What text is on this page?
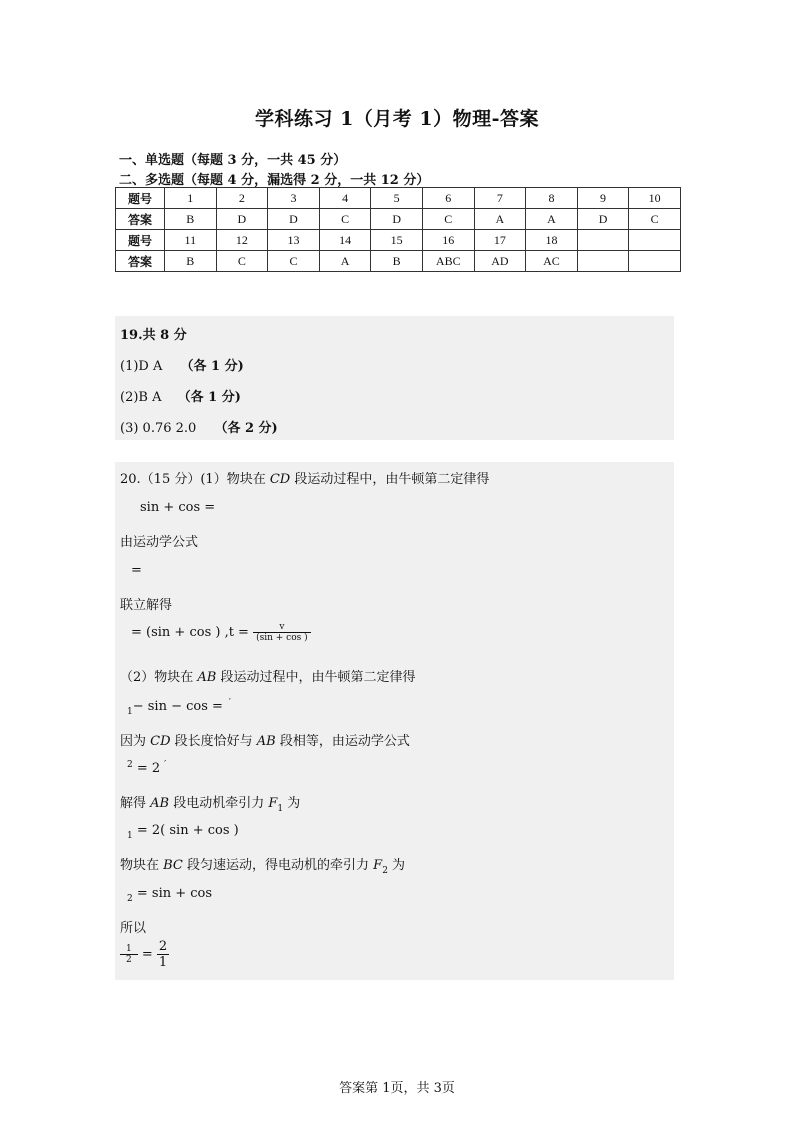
学科练习 1（月考 1）物理-答案
一、单选题（每题 3 分，一共 45 分）
二、多选题（每题 4 分，漏选得 2 分，一共 12 分）
题号	1	2	3	4	5	6	7	8	9	10
答案	B	D	D	C	D	C	A	A	D	C
题号	11	12	13	14	15	16	17	18		
答案	B	C	C	A	B	ABC	AD	AC		
19.共 8 分
(1)D A （各 1 分)
(2)B A （各 1 分)
(3) 0.76 2.0 （各 2 分)
20.（15 分）(1）物块在 CD 段运动过程中，由牛顿第二定律得
sin + cos =
由运动学公式
=
联立解得
= (sin + cos ) $,t = \frac{v}{(\sin + \cos )}$
（2）物块在 AB 段运动过程中，由牛顿第二定律得
$_1$− sin − cos = ′
因为 CD 段长度恰好与 AB 段相等，由运动学公式
$^2$ = 2 ′
解得 AB 段电动机牵引力 $F_1$ 为
$_1$ = 2( sin + cos )
物块在 BC 段匀速运动，得电动机的牵引力 $F_2$ 为
$_2$ = sin + cos
所以
$\frac{1}{2} = \frac{2}{1}$
答案第 1页，共 3页
